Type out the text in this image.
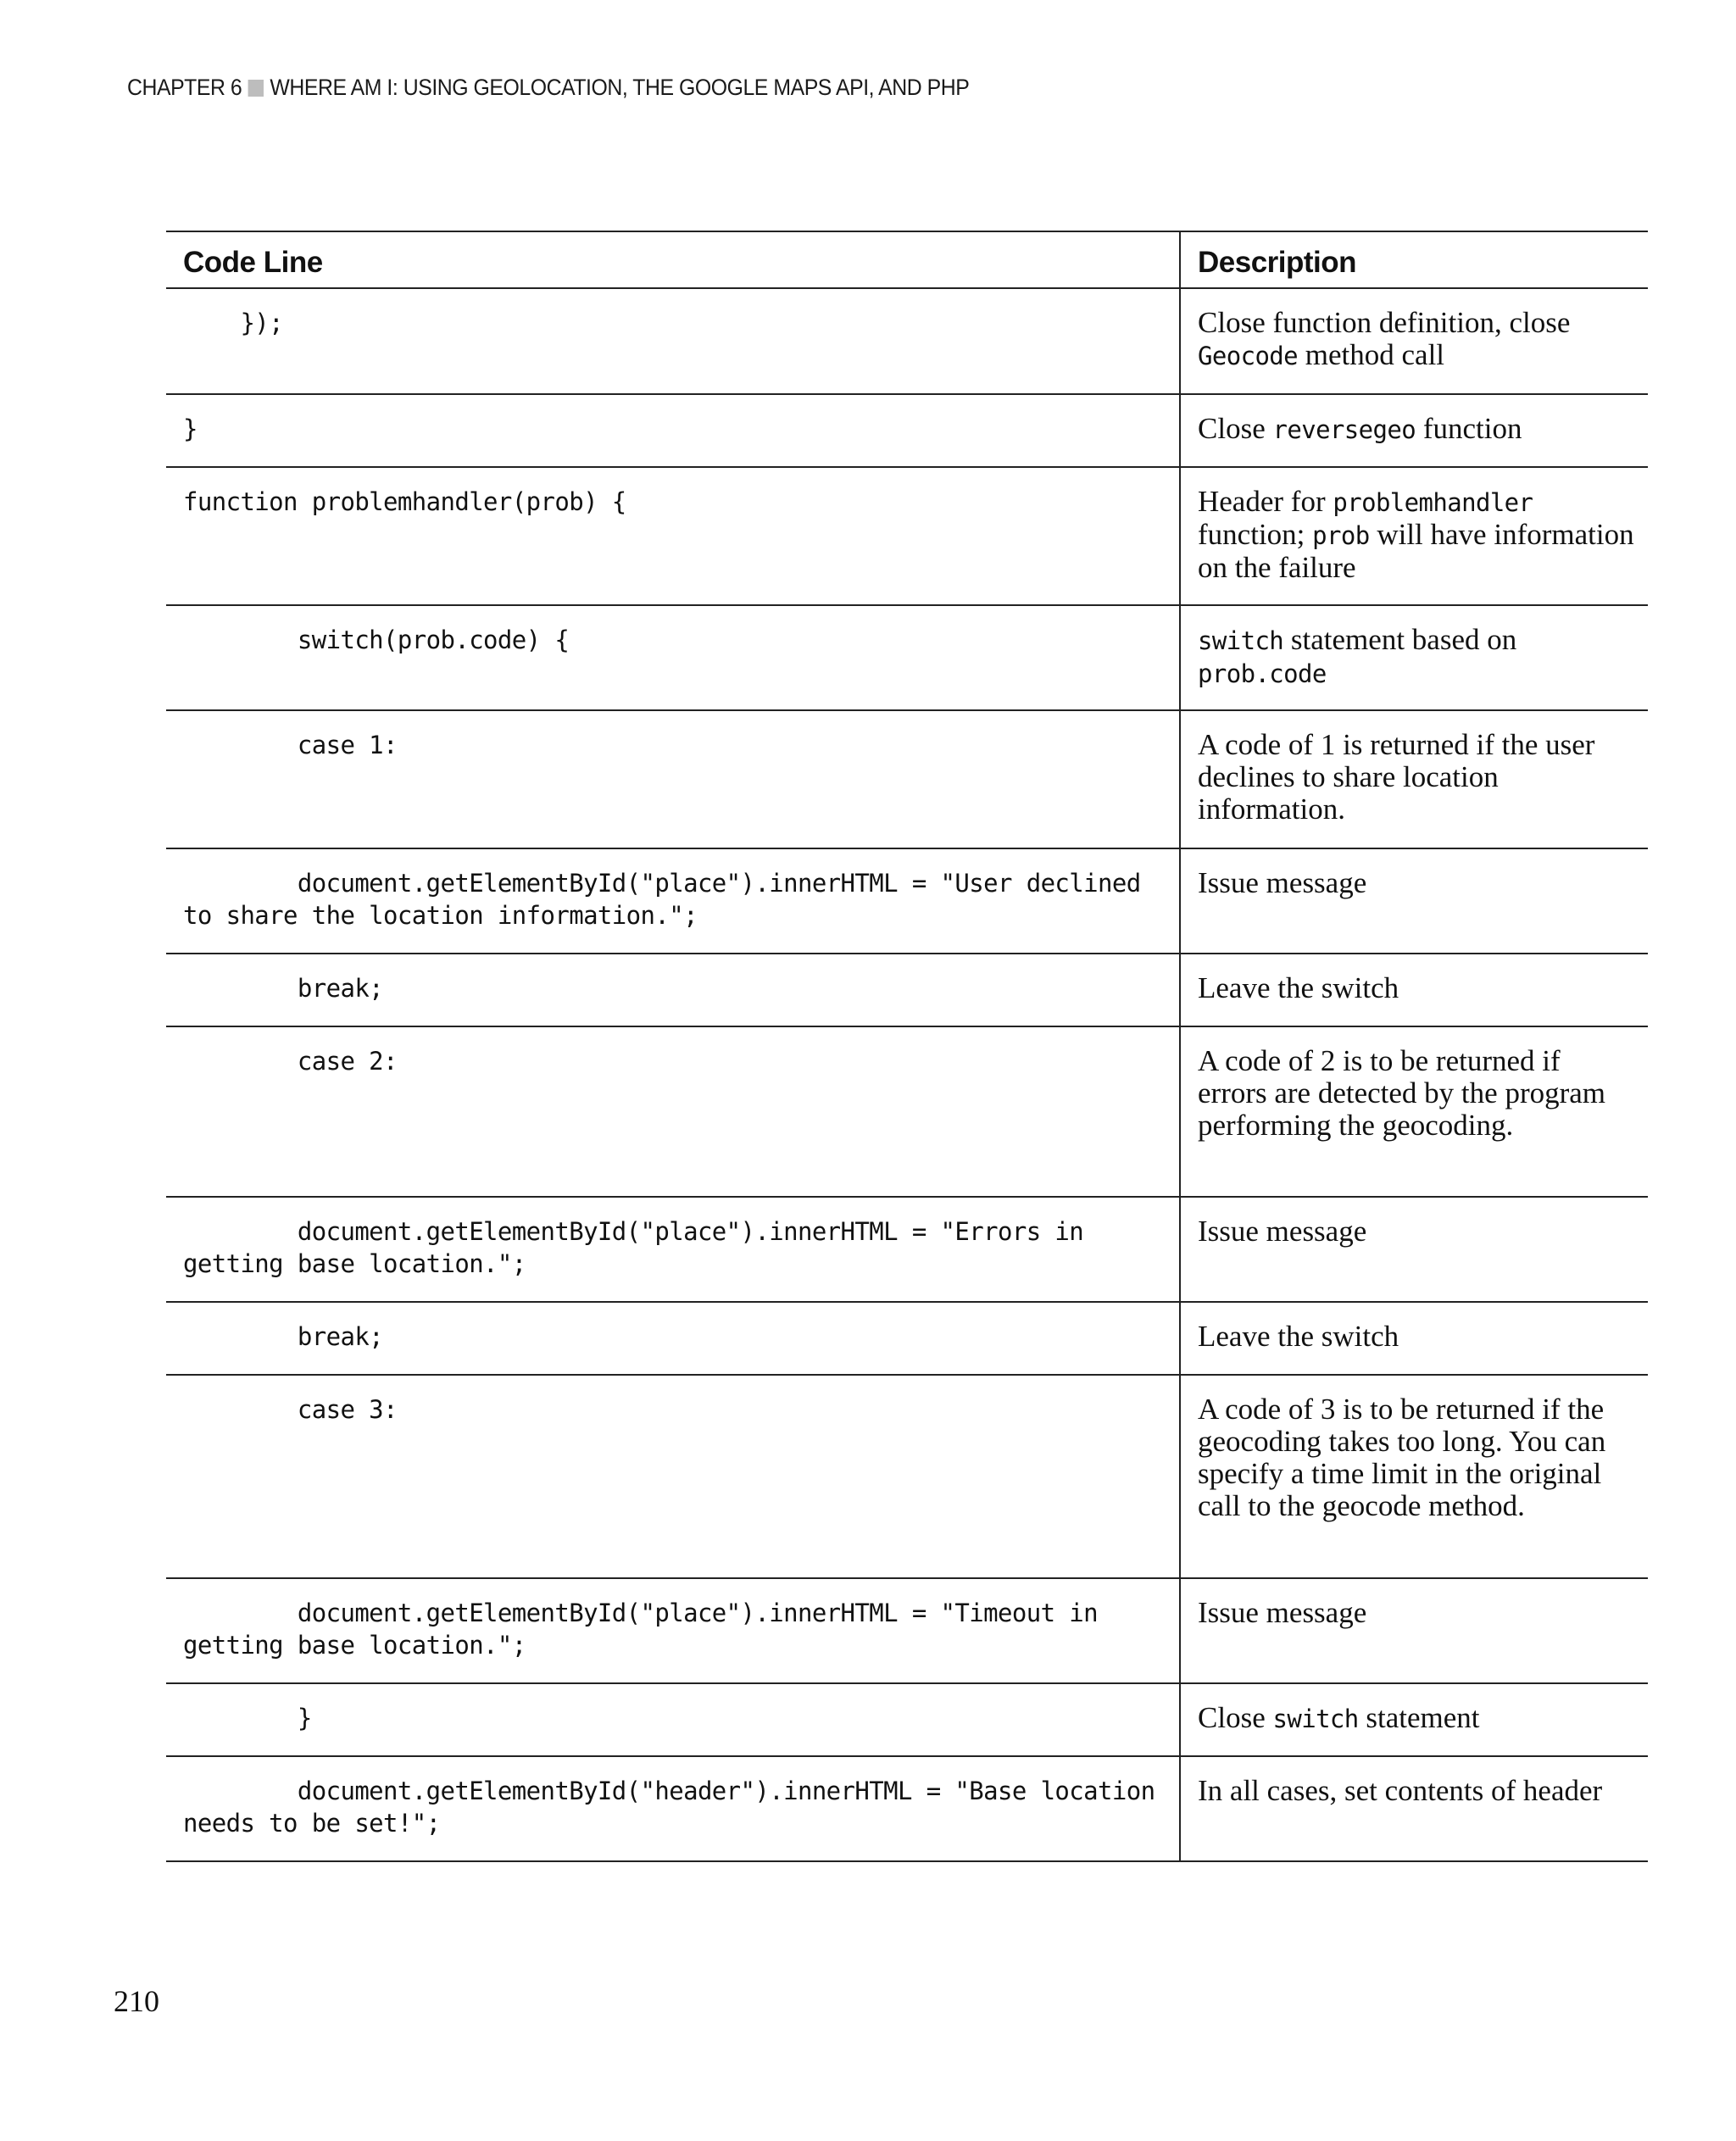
CHAPTER 6 WHERE AM I: USING GEOLOCATION, THE GOOGLE MAPS API, AND PHP
Code Line	Description
});	Close function definition, close Geocode method call
}	Close reversegeo function
function problemhandler(prob) {	Header for problemhandler function; prob will have information on the failure
switch(prob.code) {	switch statement based on prob.code
case 1:	A code of 1 is returned if the user declines to share location information.
document.getElementById("place").innerHTML = "User declined
to share the location information.";	Issue message
break;	Leave the switch
case 2:	A code of 2 is to be returned if errors are detected by the program performing the geocoding.
document.getElementById("place").innerHTML = "Errors in
getting base location.";	Issue message
break;	Leave the switch
case 3:	A code of 3 is to be returned if the geocoding takes too long. You can specify a time limit in the original call to the geocode method.
document.getElementById("place").innerHTML = "Timeout in
getting base location.";	Issue message
}	Close switch statement
document.getElementById("header").innerHTML = "Base location
needs to be set!";	In all cases, set contents of header
210
